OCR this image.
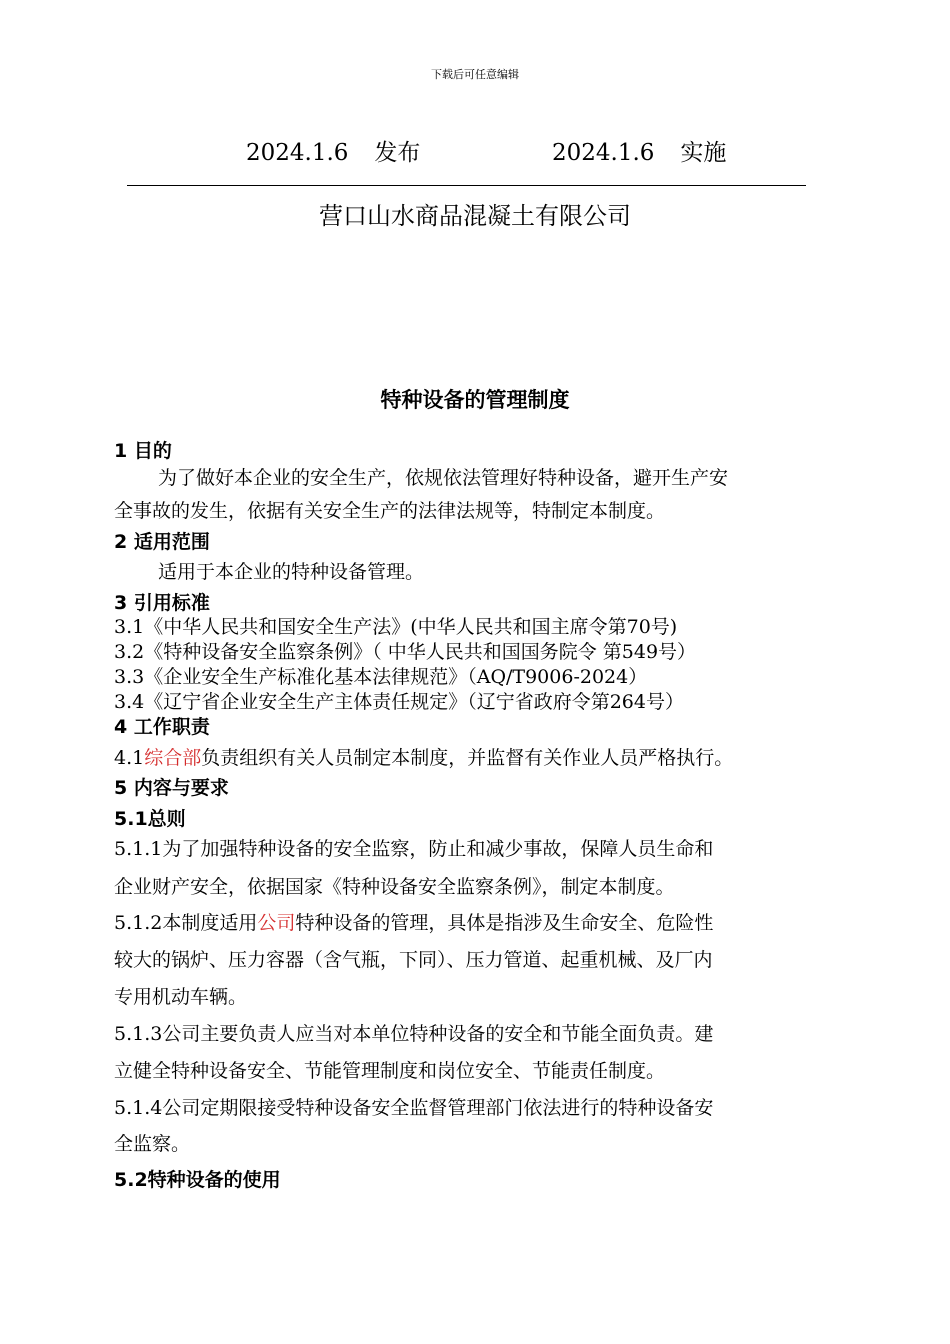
下载后可任意编辑
2024.1.6 发布	2024.1.6 实施
营口山水商品混凝土有限公司
特种设备的管理制度
1 目的
为了做好本企业的安全生产，依规依法管理好特种设备，避开生产安
全事故的发生，依据有关安全生产的法律法规等，特制定本制度。
2 适用范围
适用于本企业的特种设备管理。
3 引用标准
3.1《中华人民共和国安全生产法》(中华人民共和国主席令第70号)
3.2《特种设备安全监察条例》（ 中华人民共和国国务院令 第549号）
3.3《企业安全生产标准化基本法律规范》（AQ/T9006-2024）
3.4《辽宁省企业安全生产主体责任规定》（辽宁省政府令第264号）
4 工作职责
4.1综合部负责组织有关人员制定本制度，并监督有关作业人员严格执行。
5 内容与要求
5.1总则
5.1.1为了加强特种设备的安全监察，防止和减少事故，保障人员生命和
企业财产安全，依据国家《特种设备安全监察条例》，制定本制度。
5.1.2本制度适用公司特种设备的管理，具体是指涉及生命安全、危险性
较大的锅炉、压力容器（含气瓶，下同）、压力管道、起重机械、及厂内
专用机动车辆。
5.1.3公司主要负责人应当对本单位特种设备的安全和节能全面负责。建
立健全特种设备安全、节能管理制度和岗位安全、节能责任制度。
5.1.4公司定期限接受特种设备安全监督管理部门依法进行的特种设备安
全监察。
5.2特种设备的使用
